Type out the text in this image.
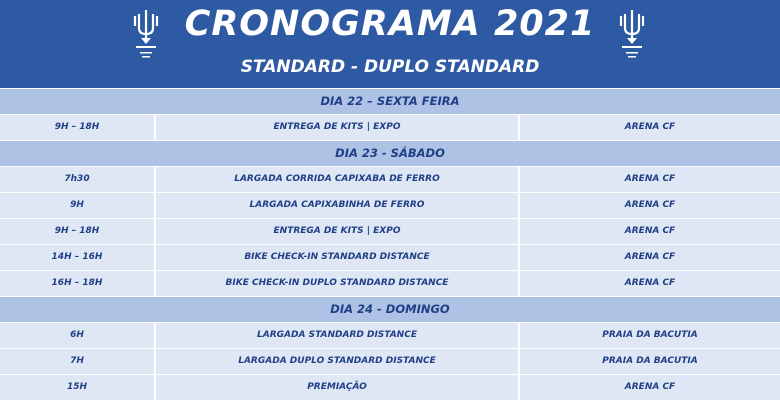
CRONOGRAMA 2021
STANDARD - DUPLO STANDARD
DIA 22 – SEXTA FEIRA
9H – 18H	ENTREGA DE KITS | EXPO	ARENA CF
DIA 23 - SÁBADO
7h30	LARGADA CORRIDA CAPIXABA DE FERRO	ARENA CF
9H	LARGADA CAPIXABINHA DE FERRO	ARENA CF
9H – 18H	ENTREGA DE KITS | EXPO	ARENA CF
14H – 16H	BIKE CHECK-IN STANDARD DISTANCE	ARENA CF
16H – 18H	BIKE CHECK-IN DUPLO STANDARD DISTANCE	ARENA CF
DIA 24 - DOMINGO
6H	LARGADA STANDARD DISTANCE	PRAIA DA BACUTIA
7H	LARGADA DUPLO STANDARD DISTANCE	PRAIA DA BACUTIA
15H	PREMIAÇÃO	ARENA CF
